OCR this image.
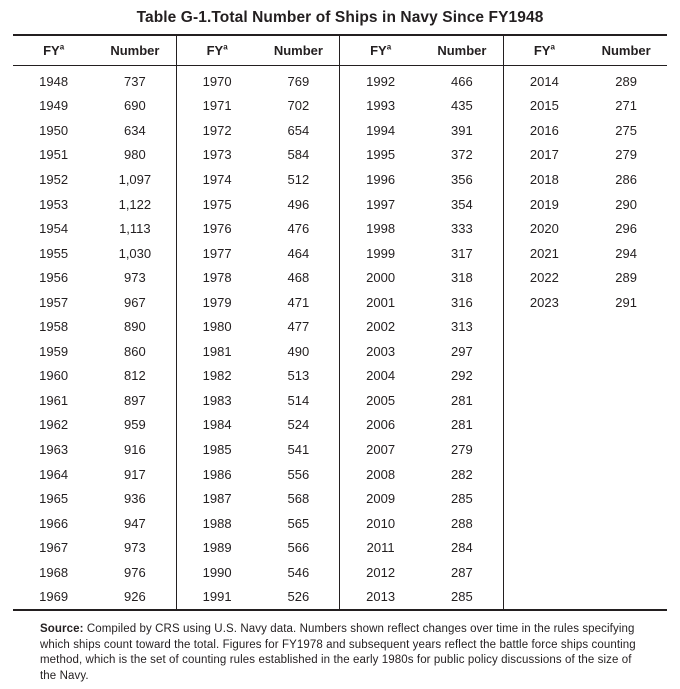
Table G-1.Total Number of Ships in Navy Since FY1948
$FY^a$	Number
1948	737
1949	690
1950	634
1951	980
1952	1,097
1953	1,122
1954	1,113
1955	1,030
1956	973
1957	967
1958	890
1959	860
1960	812
1961	897
1962	959
1963	916
1964	917
1965	936
1966	947
1967	973
1968	976
1969	926
$FY^a$	Number
1970	769
1971	702
1972	654
1973	584
1974	512
1975	496
1976	476
1977	464
1978	468
1979	471
1980	477
1981	490
1982	513
1983	514
1984	524
1985	541
1986	556
1987	568
1988	565
1989	566
1990	546
1991	526
$FY^a$	Number
1992	466
1993	435
1994	391
1995	372
1996	356
1997	354
1998	333
1999	317
2000	318
2001	316
2002	313
2003	297
2004	292
2005	281
2006	281
2007	279
2008	282
2009	285
2010	288
2011	284
2012	287
2013	285
$FY^a$	Number
2014	289
2015	271
2016	275
2017	279
2018	286
2019	290
2020	296
2021	294
2022	289
2023	291
Source: Compiled by CRS using U.S. Navy data. Numbers shown reflect changes over time in the rules specifying which ships count toward the total. Figures for FY1978 and subsequent years reflect the battle force ships counting method, which is the set of counting rules established in the early 1980s for public policy discussions of the size of the Navy.
